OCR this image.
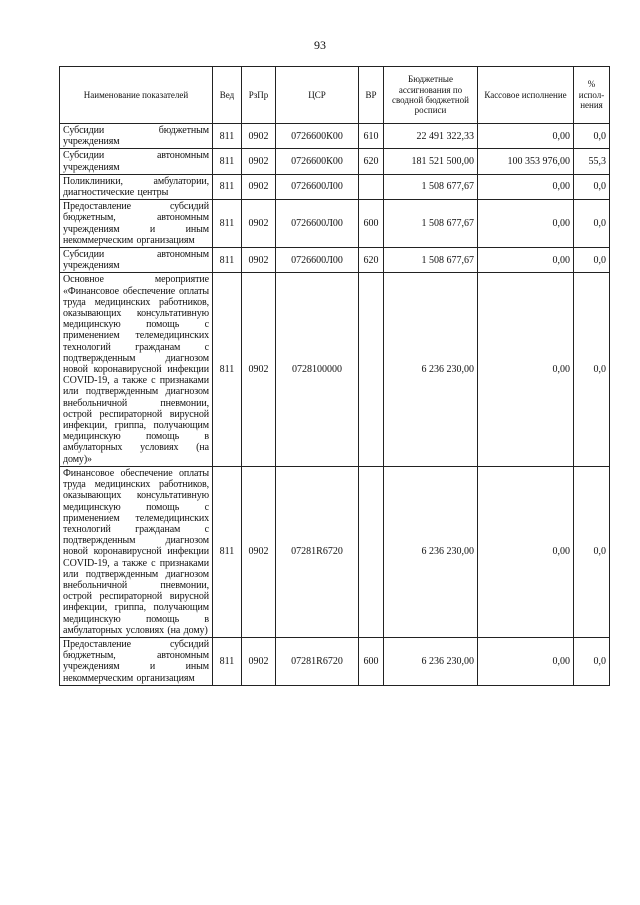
93
Наименование показателей	Вед	РзПр	ЦСР	ВР	Бюджетные ассигнования по сводной бюджетной росписи	Кассовое исполнение	% испол-нения
Субсидии бюджетным учреждениям	811	0902	0726600К00	610	22 491 322,33	0,00	0,0
Субсидии автономным учреждениям	811	0902	0726600К00	620	181 521 500,00	100 353 976,00	55,3
Поликлиники, амбулатории, диагностические центры	811	0902	0726600Л00		1 508 677,67	0,00	0,0
Предоставление субсидий бюджетным, автономным учреждениям и иным некоммерческим организациям	811	0902	0726600Л00	600	1 508 677,67	0,00	0,0
Субсидии автономным учреждениям	811	0902	0726600Л00	620	1 508 677,67	0,00	0,0
Основное мероприятие «Финансовое обеспечение оплаты труда медицинских работников, оказывающих консультативную медицинскую помощь с применением телемедицинских технологий гражданам с подтвержденным диагнозом новой коронавирусной инфекции COVID-19, а также с признаками или подтвержденным диагнозом внебольничной пневмонии, острой респираторной вирусной инфекции, гриппа, получающим медицинскую помощь в амбулаторных условиях (на дому)»	811	0902	0728100000		6 236 230,00	0,00	0,0
Финансовое обеспечение оплаты труда медицинских работников, оказывающих консультативную медицинскую помощь с применением телемедицинских технологий гражданам с подтвержденным диагнозом новой коронавирусной инфекции COVID-19, а также с признаками или подтвержденным диагнозом внебольничной пневмонии, острой респираторной вирусной инфекции, гриппа, получающим медицинскую помощь в амбулаторных условиях (на дому)	811	0902	07281R6720		6 236 230,00	0,00	0,0
Предоставление субсидий бюджетным, автономным учреждениям и иным некоммерческим организациям	811	0902	07281R6720	600	6 236 230,00	0,00	0,0
